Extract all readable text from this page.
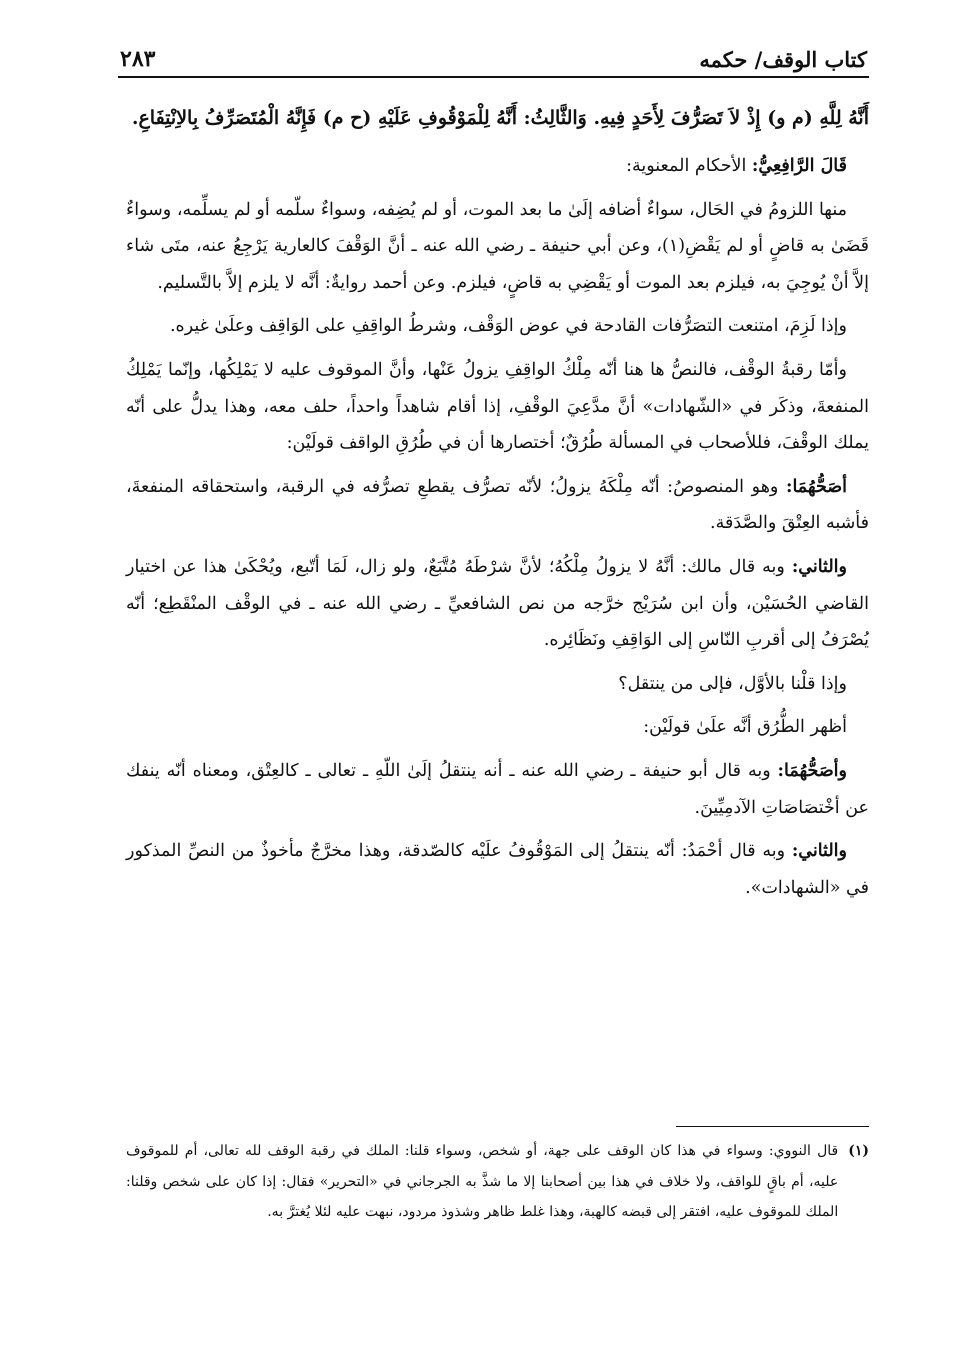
كتاب الوقف/ حكمه
٢٨٣

أَنَّهُ لِلَّهِ (م و) إِذْ لاَ تَصَرُّفَ لِأَحَدٍ فِيهِ. وَالثَّالِثُ: أَنَّهُ لِلْمَوْقُوفِ عَلَيْهِ (ح م) فَإِنَّهُ الْمُتَصَرِّفُ بِالاِنْتِفَاعِ.

قَالَ الرَّافِعِيُّ: الأحكام المعنوية:

منها اللزومُ في الحَال، سواءٌ أضافه إلَىٰ ما بعد الموت، أو لم يُضِفه، وسواءٌ سلّمه أو لم يسلِّمه، وسواءٌ قَضَىٰ به قاضٍ أو لم يَقْضِ(١)، وعن أبي حنيفة ـ رضي الله عنه ـ أنَّ الوَقْفَ كالعارية يَرْجِعُ عنه، متَى شاء إلاَّ أنْ يُوجِيَ به، فيلزم بعد الموت أو يَقْضِي به قاضٍ، فيلزم. وعن أحمد روايةٌ: أنَّه لا يلزم إلاَّ بالتَّسليم.

وإذا لَزِمَ، امتنعت التصَرُّفات القادحة في عوض الوَقْف، وشرطُ الواقِفِ على الوَاقِف وعلَىٰ غيره.

وأمّا رقبةُ الوقْف، فالنصُّ ها هنا أنّه مِلْكُ الواقِفِ يزولُ عَنْها، وأنَّ الموقوف عليه لا يَمْلِكُها، وإنّما يَمْلِكُ المنفعةَ، وذكَر في «الشّهادات» أنَّ مدَّعِيَ الوقْفِ، إذا أقام شاهداً واحداً، حلف معه، وهذا يدلُّ على أنّه يملك الوقْفَ، فللأصحاب في المسألة طُرُقٌ؛ أختصارها أن في طُرُقِ الواقف قولَيْن:

أصَحُّهُمَا: وهو المنصوصُ: أنّه مِلْكَهُ يزولُ؛ لأنّه تصرُّف يقطعِ تصرُّفه في الرقبة، واستحقاقه المنفعةَ، فأشبه العِتْقَ والصَّدَقة.

والثاني: وبه قال مالك: أنَّهُ لا يزولُ مِلْكُهُ؛ لأنَّ شرْطَهُ مُتَّبَعٌ، ولو زال، لَمَا أتّبع، ويُحْكَىٰ هذا عن اختيار القاضي الحُسَيْن، وأن ابن سُرَيْج خرَّجه من نص الشافعيِّ ـ رضي الله عنه ـ في الوقْف المنْقَطِع؛ أنّه يُصْرَفُ إلى أقربِ النّاسِ إلى الوَاقِفِ ونَظَائِره.

وإذا قلْنا بالأوَّل، فإلى من ينتقل؟

أظهر الطُّرُق أنَّه علَىٰ قولَيْن:

وأصَحُّهُمَا: وبه قال أبو حنيفة ـ رضي الله عنه ـ أنه ينتقلُ إلَىٰ اللّهِ ـ تعالى ـ كالعِتْق، ومعناه أنّه ينفك عن أخْتصَاصَاتِ الآدمِيِّينَ.

والثاني: وبه قال أحْمَدُ: أنّه ينتقلُ إلى المَوْقُوفُ علَيْه كالصّدقة، وهذا مخرَّجٌ مأخوذٌ من النصِّ المذكور في «الشهادات».

(١)
قال النووي: وسواء في هذا كان الوقف على جهة، أو شخص، وسواء قلنا: الملك في رقبة الوقف لله تعالى، أم للموقوف عليه، أم باقٍ للواقف، ولا خلاف في هذا بين أصحابنا إلا ما شذَّ به الجرجاني في «التحرير» فقال: إذا كان على شخص وقلنا: الملك للموقوف عليه، افتقر إلى قبضه كالهبة، وهذا غلط ظاهر وشذوذ مردود، نبهت عليه لئلا يُغترَّ به.
